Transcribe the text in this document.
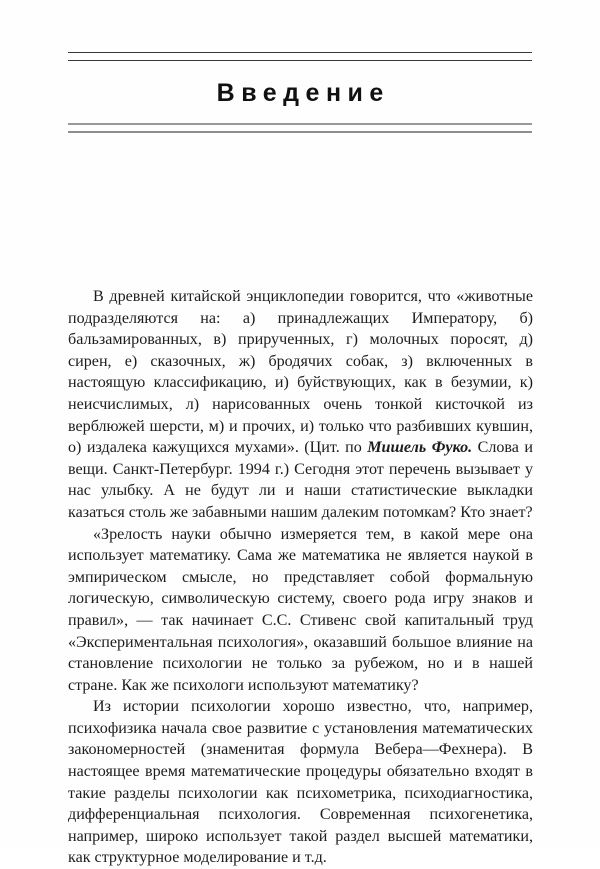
Введение

В древней китайской энциклопедии говорится, что «животные подразделяются на: а) принадлежащих Императору, б) бальзамированных, в) прирученных, г) молочных поросят, д) сирен, е) сказочных, ж) бродячих собак, з) включенных в настоящую классификацию, и) буйствующих, как в безумии, к) неисчислимых, л) нарисованных очень тонкой кисточкой из верблюжей шерсти, м) и прочих, и) только что разбивших кувшин, о) издалека кажущихся мухами». (Цит. по Мишель Фуко. Слова и вещи. Санкт-Петербург. 1994 г.) Сегодня этот перечень вызывает у нас улыбку. А не будут ли и наши статистические выкладки казаться столь же забавными нашим далеким потомкам? Кто знает?

«Зрелость науки обычно измеряется тем, в какой мере она использует математику. Сама же математика не является наукой в эмпирическом смысле, но представляет собой формальную логическую, символическую систему, своего рода игру знаков и правил», — так начинает С.С. Стивенс свой капитальный труд «Экспериментальная психология», оказавший большое влияние на становление психологии не только за рубежом, но и в нашей стране. Как же психологи используют математику?

Из истории психологии хорошо известно, что, например, психофизика начала свое развитие с установления математических закономерностей (знаменитая формула Вебера—Фехнера). В настоящее время математические процедуры обязательно входят в такие разделы психологии как психометрика, психодиагностика, дифференциальная психология. Современная психогенетика, например, широко использует такой раздел высшей математики, как структурное моделирование и т.д.
